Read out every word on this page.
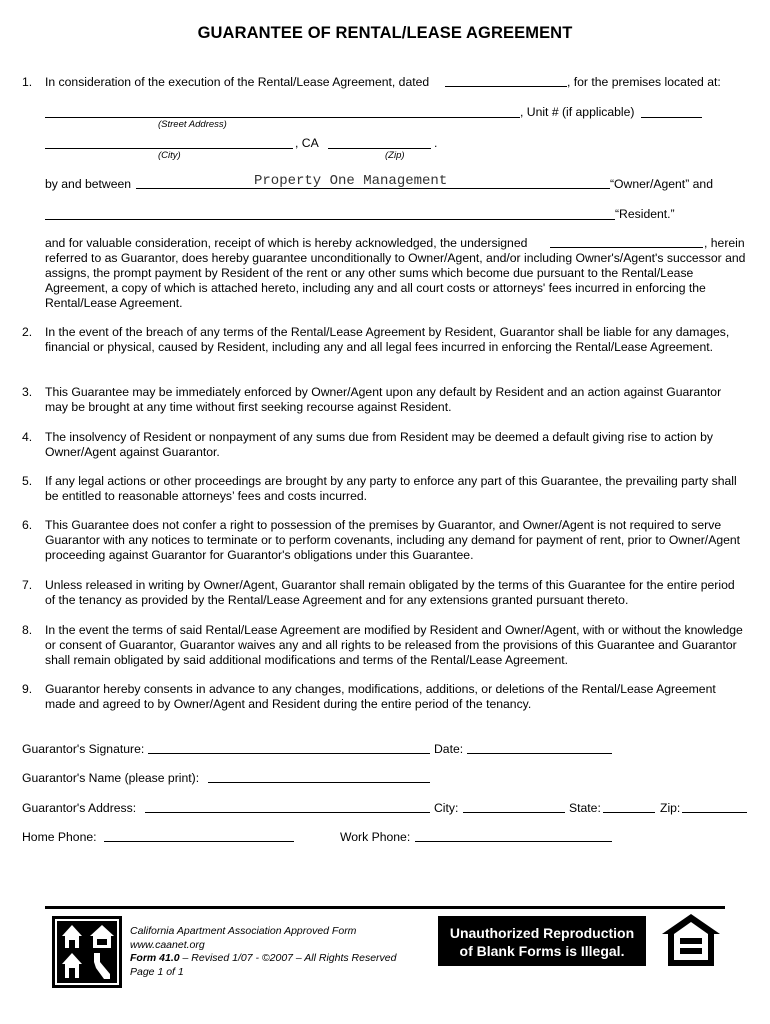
GUARANTEE OF RENTAL/LEASE AGREEMENT
1. In consideration of the execution of the Rental/Lease Agreement, dated	, for the premises located at:
, Unit # (if applicable)
(Street Address)
, CA	.
(City)	(Zip)
by and between	Property One Management	“Owner/Agent” and
“Resident.”
and for valuable consideration, receipt of which is hereby acknowledged, the undersigned	, herein
referred to as Guarantor, does hereby guarantee unconditionally to Owner/Agent, and/or including Owner's/Agent's successor and assigns, the prompt payment by Resident of the rent or any other sums which become due pursuant to the Rental/Lease Agreement, a copy of which is attached hereto, including any and all court costs or attorneys' fees incurred in enforcing the Rental/Lease Agreement.
2. In the event of the breach of any terms of the Rental/Lease Agreement by Resident, Guarantor shall be liable for any damages, financial or physical, caused by Resident, including any and all legal fees incurred in enforcing the Rental/Lease Agreement.
3. This Guarantee may be immediately enforced by Owner/Agent upon any default by Resident and an action against Guarantor may be brought at any time without first seeking recourse against Resident.
4. The insolvency of Resident or nonpayment of any sums due from Resident may be deemed a default giving rise to action by Owner/Agent against Guarantor.
5. If any legal actions or other proceedings are brought by any party to enforce any part of this Guarantee, the prevailing party shall be entitled to reasonable attorneys’ fees and costs incurred.
6. This Guarantee does not confer a right to possession of the premises by Guarantor, and Owner/Agent is not required to serve Guarantor with any notices to terminate or to perform covenants, including any demand for payment of rent, prior to Owner/Agent proceeding against Guarantor for Guarantor's obligations under this Guarantee.
7. Unless released in writing by Owner/Agent, Guarantor shall remain obligated by the terms of this Guarantee for the entire period of the tenancy as provided by the Rental/Lease Agreement and for any extensions granted pursuant thereto.
8. In the event the terms of said Rental/Lease Agreement are modified by Resident and Owner/Agent, with or without the knowledge or consent of Guarantor, Guarantor waives any and all rights to be released from the provisions of this Guarantee and Guarantor shall remain obligated by said additional modifications and terms of the Rental/Lease Agreement.
9. Guarantor hereby consents in advance to any changes, modifications, additions, or deletions of the Rental/Lease Agreement made and agreed to by Owner/Agent and Resident during the entire period of the tenancy.
Guarantor's Signature:	Date:
Guarantor's Name (please print):
Guarantor's Address:	City:	State:	Zip:
Home Phone:	Work Phone:
California Apartment Association Approved Form
www.caanet.org
Form 41.0 – Revised 1/07 - ©2007 – All Rights Reserved
Page 1 of 1
Unauthorized Reproduction
of Blank Forms is Illegal.
